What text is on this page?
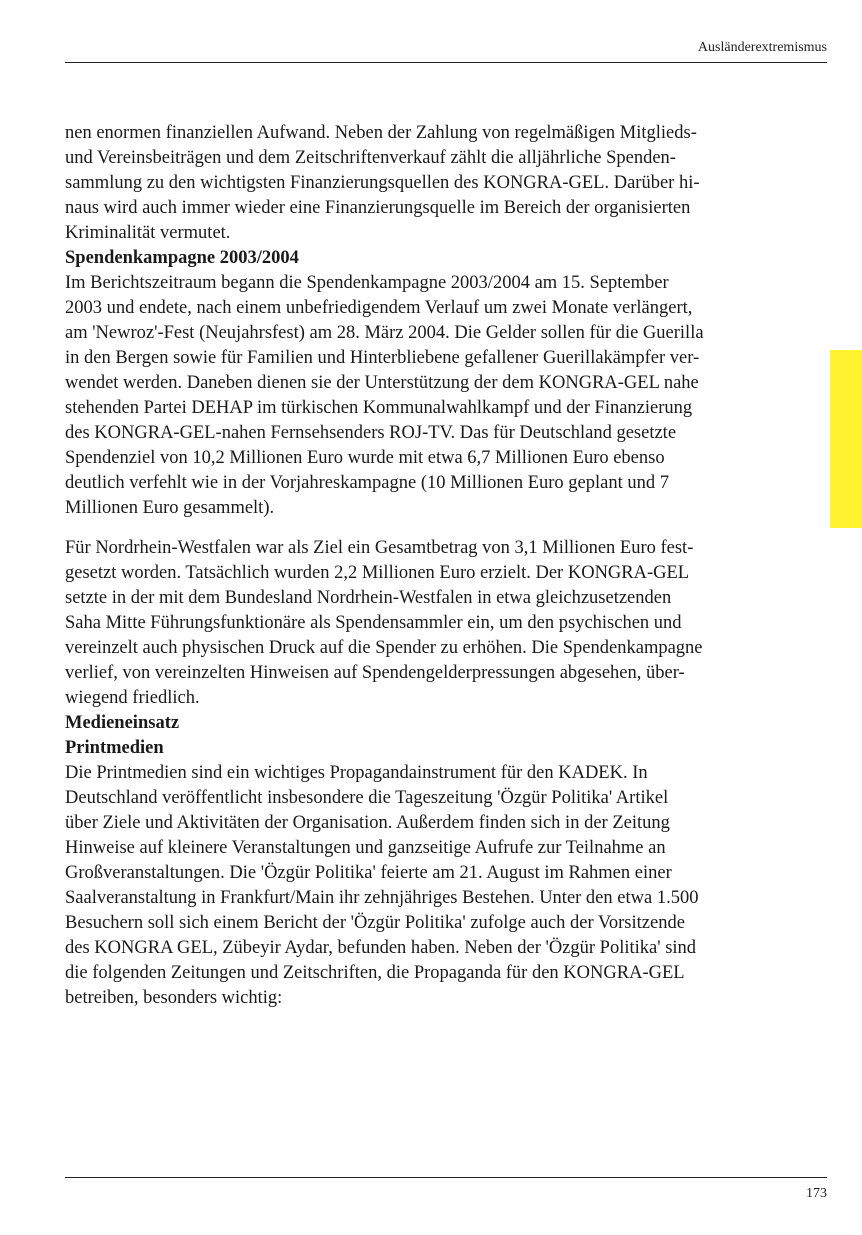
Ausländerextremismus

nen enormen finanziellen Aufwand. Neben der Zahlung von regelmäßigen Mitglieds-
und Vereinsbeiträgen und dem Zeitschriftenverkauf zählt die alljährliche Spenden-
sammlung zu den wichtigsten Finanzierungsquellen des KONGRA-GEL. Darüber hi-
naus wird auch immer wieder eine Finanzierungsquelle im Bereich der organisierten
Kriminalität vermutet.

Spendenkampagne 2003/2004

Im Berichtszeitraum begann die Spendenkampagne 2003/2004 am 15. September
2003 und endete, nach einem unbefriedigendem Verlauf um zwei Monate verlängert,
am 'Newroz'-Fest (Neujahrsfest) am 28. März 2004. Die Gelder sollen für die Guerilla
in den Bergen sowie für Familien und Hinterbliebene gefallener Guerillakämpfer ver-
wendet werden. Daneben dienen sie der Unterstützung der dem KONGRA-GEL nahe
stehenden Partei DEHAP im türkischen Kommunalwahlkampf und der Finanzierung
des KONGRA-GEL-nahen Fernsehsenders ROJ-TV. Das für Deutschland gesetzte
Spendenziel von 10,2 Millionen Euro wurde mit etwa 6,7 Millionen Euro ebenso
deutlich verfehlt wie in der Vorjahreskampagne (10 Millionen Euro geplant und 7
Millionen Euro gesammelt).

Für Nordrhein-Westfalen war als Ziel ein Gesamtbetrag von 3,1 Millionen Euro fest-
gesetzt worden. Tatsächlich wurden 2,2 Millionen Euro erzielt. Der KONGRA-GEL
setzte in der mit dem Bundesland Nordrhein-Westfalen in etwa gleichzusetzenden
Saha Mitte Führungsfunktionäre als Spendensammler ein, um den psychischen und
vereinzelt auch physischen Druck auf die Spender zu erhöhen. Die Spendenkampagne
verlief, von vereinzelten Hinweisen auf Spendengelderpressungen abgesehen, über-
wiegend friedlich.

Medieneinsatz
Printmedien

Die Printmedien sind ein wichtiges Propagandainstrument für den KADEK. In
Deutschland veröffentlicht insbesondere die Tageszeitung 'Özgür Politika' Artikel
über Ziele und Aktivitäten der Organisation. Außerdem finden sich in der Zeitung
Hinweise auf kleinere Veranstaltungen und ganzseitige Aufrufe zur Teilnahme an
Großveranstaltungen. Die 'Özgür Politika' feierte am 21. August im Rahmen einer
Saalveranstaltung in Frankfurt/Main ihr zehnjähriges Bestehen. Unter den etwa 1.500
Besuchern soll sich einem Bericht der 'Özgür Politika' zufolge auch der Vorsitzende
des KONGRA GEL, Zübeyir Aydar, befunden haben. Neben der 'Özgür Politika' sind
die folgenden Zeitungen und Zeitschriften, die Propaganda für den KONGRA-GEL
betreiben, besonders wichtig:

173
